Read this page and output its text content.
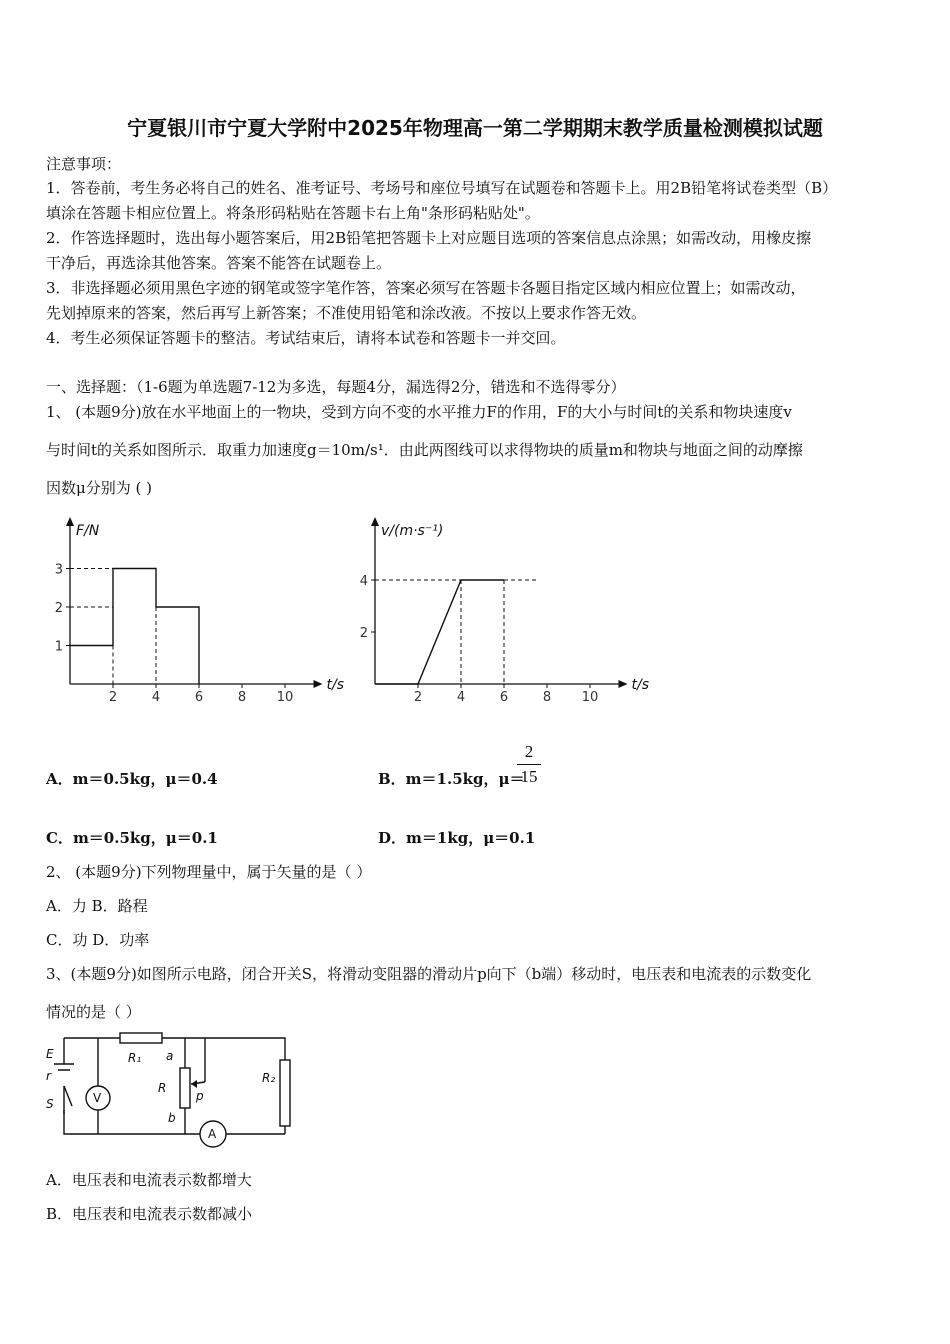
宁夏银川市宁夏大学附中2025年物理高一第二学期期末教学质量检测模拟试题
注意事项：
1．答卷前，考生务必将自己的姓名、准考证号、考场号和座位号填写在试题卷和答题卡上。用2B铅笔将试卷类型（B）
填涂在答题卡相应位置上。将条形码粘贴在答题卡右上角"条形码粘贴处"。
2．作答选择题时，选出每小题答案后，用2B铅笔把答题卡上对应题目选项的答案信息点涂黑；如需改动，用橡皮擦
干净后，再选涂其他答案。答案不能答在试题卷上。
3．非选择题必须用黑色字迹的钢笔或签字笔作答，答案必须写在答题卡各题目指定区域内相应位置上；如需改动，
先划掉原来的答案，然后再写上新答案；不准使用铅笔和涂改液。不按以上要求作答无效。
4．考生必须保证答题卡的整洁。考试结束后，请将本试卷和答题卡一并交回。
一、选择题：（1-6题为单选题7-12为多选，每题4分，漏选得2分，错选和不选得零分）
1、 (本题9分)放在水平地面上的一物块，受到方向不变的水平推力F的作用，F的大小与时间t的关系和物块速度v
与时间t的关系如图所示．取重力加速度g＝10m/s¹．由此两图线可以求得物块的质量m和物块与地面之间的动摩擦
因数μ分别为 ( )
F/N
t/s
2	4	6	8 10
1
2
3
v/(m·s⁻¹)
t/s
2	4	6	8 10
2
4
A．m＝0.5kg，μ＝0.4	B．m＝1.5kg，μ＝
2
15
C．m＝0.5kg，μ＝0.1	D．m＝1kg，μ＝0.1
2、 (本题9分)下列物理量中，属于矢量的是（ ）
A．力 B．路程
C．功 D．功率
3、(本题9分)如图所示电路，闭合开关S，将滑动变阻器的滑动片p向下（b端）移动时，电压表和电流表的示数变化
情况的是（ ）
E
r
S	V
R₁ a
R
b
p
R₂
A
A．电压表和电流表示数都增大
B．电压表和电流表示数都减小
